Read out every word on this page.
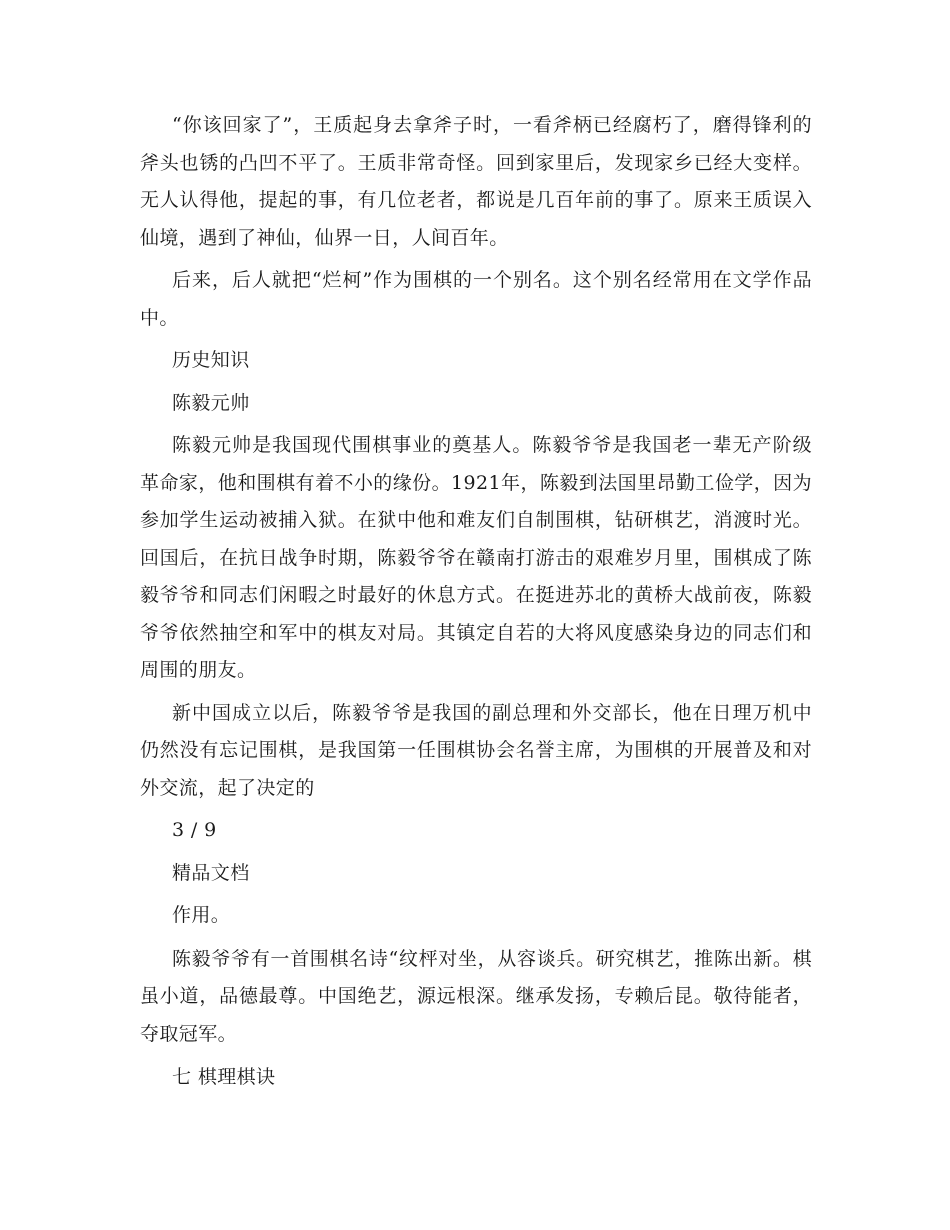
“你该回家了”，王质起身去拿斧子时，一看斧柄已经腐朽了，磨得锋利的斧头也锈的凸凹不平了。王质非常奇怪。回到家里后，发现家乡已经大变样。无人认得他，提起的事，有几位老者，都说是几百年前的事了。原来王质误入仙境，遇到了神仙，仙界一日，人间百年。

后来，后人就把“烂柯”作为围棋的一个别名。这个别名经常用在文学作品中。

历史知识

陈毅元帅

陈毅元帅是我国现代围棋事业的奠基人。陈毅爷爷是我国老一辈无产阶级革命家，他和围棋有着不小的缘份。1921年，陈毅到法国里昂勤工俭学，因为参加学生运动被捕入狱。在狱中他和难友们自制围棋，钻研棋艺，消渡时光。回国后，在抗日战争时期，陈毅爷爷在赣南打游击的艰难岁月里，围棋成了陈毅爷爷和同志们闲暇之时最好的休息方式。在挺进苏北的黄桥大战前夜，陈毅爷爷依然抽空和军中的棋友对局。其镇定自若的大将风度感染身边的同志们和周围的朋友。

新中国成立以后，陈毅爷爷是我国的副总理和外交部长，他在日理万机中仍然没有忘记围棋，是我国第一任围棋协会名誉主席，为围棋的开展普及和对外交流，起了决定的

3 / 9

精品文档

作用。

陈毅爷爷有一首围棋名诗“纹枰对坐，从容谈兵。研究棋艺，推陈出新。棋虽小道，品德最尊。中国绝艺，源远根深。继承发扬，专赖后昆。敬待能者，夺取冠军。

七 棋理棋诀
